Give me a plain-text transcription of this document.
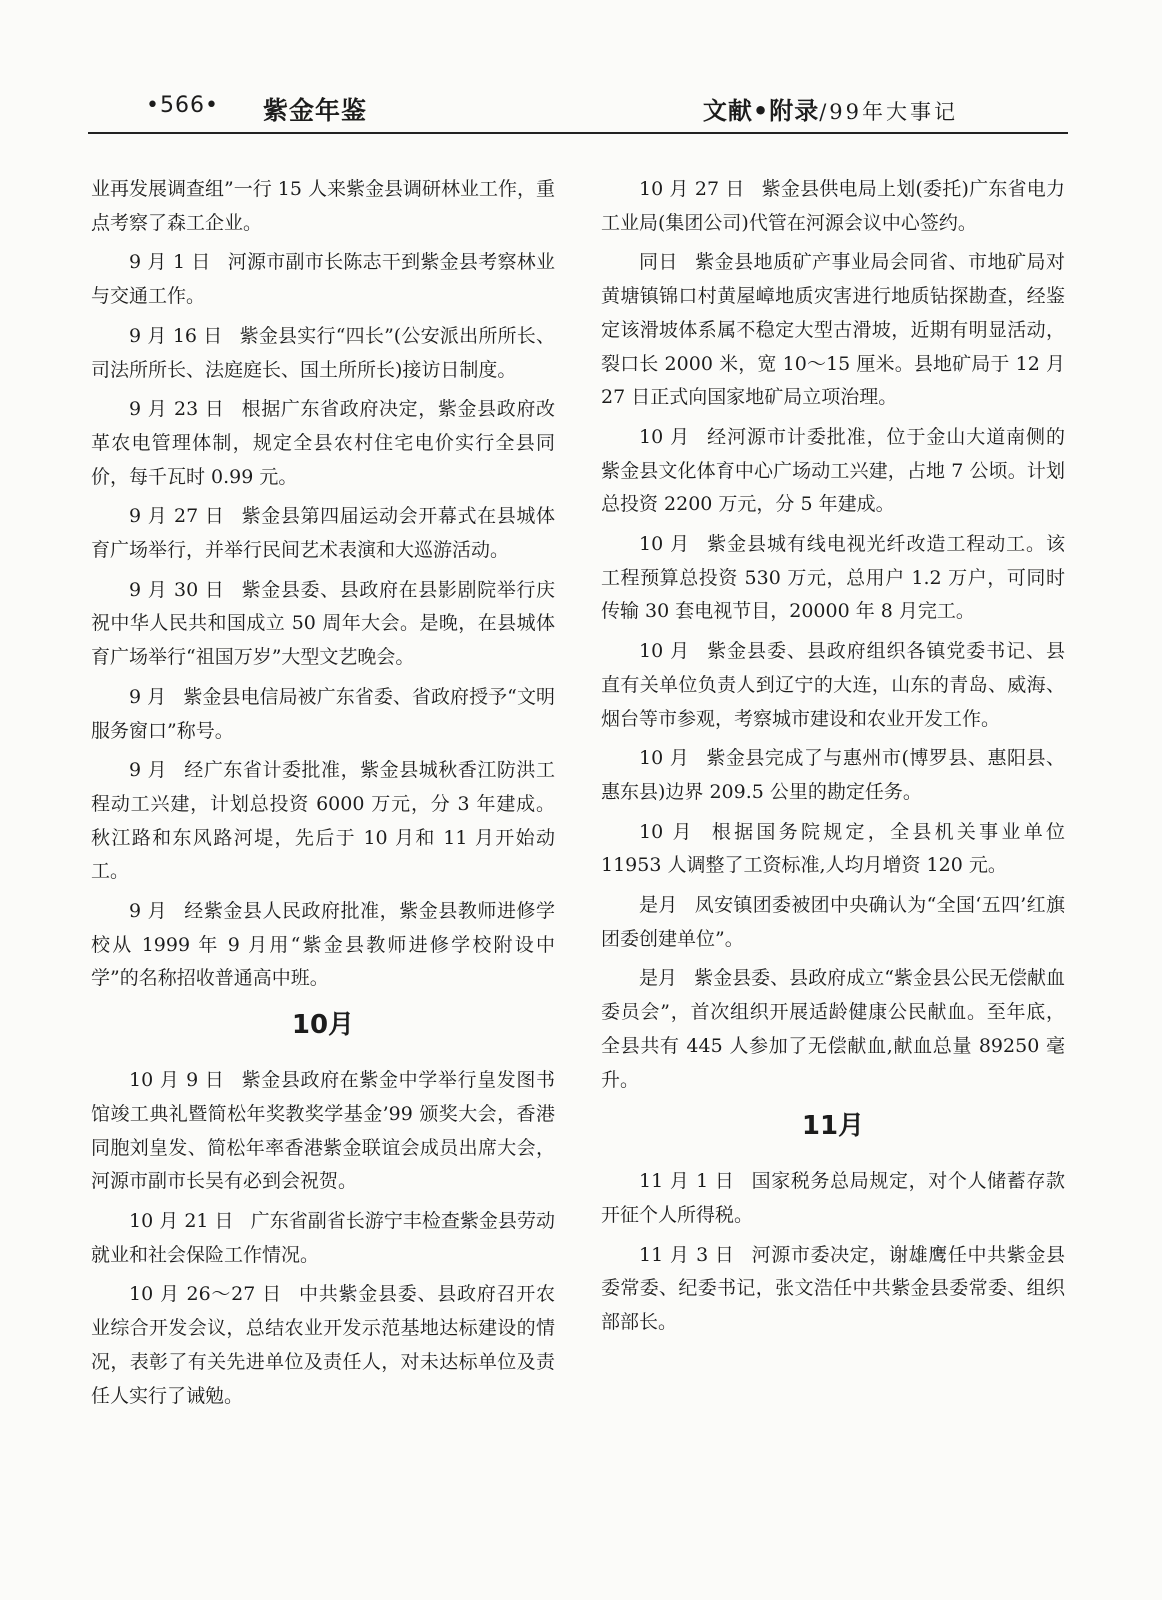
•566• 紫金年鉴	文献•附录/99年大事记

业再发展调查组”一行 15 人来紫金县调研林业工作，重点考察了森工企业。

9 月 1 日 河源市副市长陈志干到紫金县考察林业与交通工作。

9 月 16 日 紫金县实行“四长”(公安派出所所长、司法所所长、法庭庭长、国土所所长)接访日制度。

9 月 23 日 根据广东省政府决定，紫金县政府改革农电管理体制，规定全县农村住宅电价实行全县同价，每千瓦时 0.99 元。

9 月 27 日 紫金县第四届运动会开幕式在县城体育广场举行，并举行民间艺术表演和大巡游活动。

9 月 30 日 紫金县委、县政府在县影剧院举行庆祝中华人民共和国成立 50 周年大会。是晚，在县城体育广场举行“祖国万岁”大型文艺晚会。

9 月 紫金县电信局被广东省委、省政府授予“文明服务窗口”称号。

9 月 经广东省计委批准，紫金县城秋香江防洪工程动工兴建，计划总投资 6000 万元，分 3 年建成。秋江路和东风路河堤，先后于 10 月和 11 月开始动工。

9 月 经紫金县人民政府批准，紫金县教师进修学校从 1999 年 9 月用“紫金县教师进修学校附设中学”的名称招收普通高中班。

10月

10 月 9 日 紫金县政府在紫金中学举行皇发图书馆竣工典礼暨简松年奖教奖学基金’99 颁奖大会，香港同胞刘皇发、简松年率香港紫金联谊会成员出席大会，河源市副市长吴有必到会祝贺。

10 月 21 日 广东省副省长游宁丰检查紫金县劳动就业和社会保险工作情况。

10 月 26～27 日 中共紫金县委、县政府召开农业综合开发会议，总结农业开发示范基地达标建设的情况，表彰了有关先进单位及责任人，对未达标单位及责任人实行了诫勉。

10 月 27 日 紫金县供电局上划(委托)广东省电力工业局(集团公司)代管在河源会议中心签约。

同日 紫金县地质矿产事业局会同省、市地矿局对黄塘镇锦口村黄屋嶂地质灾害进行地质钻探勘查，经鉴定该滑坡体系属不稳定大型古滑坡，近期有明显活动，裂口长 2000 米，宽 10～15 厘米。县地矿局于 12 月 27 日正式向国家地矿局立项治理。

10 月 经河源市计委批准，位于金山大道南侧的紫金县文化体育中心广场动工兴建，占地 7 公顷。计划总投资 2200 万元，分 5 年建成。

10 月 紫金县城有线电视光纤改造工程动工。该工程预算总投资 530 万元，总用户 1.2 万户，可同时传输 30 套电视节目，20000 年 8 月完工。

10 月 紫金县委、县政府组织各镇党委书记、县直有关单位负责人到辽宁的大连，山东的青岛、威海、烟台等市参观，考察城市建设和农业开发工作。

10 月 紫金县完成了与惠州市(博罗县、惠阳县、惠东县)边界 209.5 公里的勘定任务。

10 月 根据国务院规定，全县机关事业单位 11953 人调整了工资标准,人均月增资 120 元。

是月 凤安镇团委被团中央确认为“全国‘五四’红旗团委创建单位”。

是月 紫金县委、县政府成立“紫金县公民无偿献血委员会”，首次组织开展适龄健康公民献血。至年底，全县共有 445 人参加了无偿献血,献血总量 89250 毫升。

11月

11 月 1 日 国家税务总局规定，对个人储蓄存款开征个人所得税。

11 月 3 日 河源市委决定，谢雄鹰任中共紫金县委常委、纪委书记，张文浩任中共紫金县委常委、组织部部长。
